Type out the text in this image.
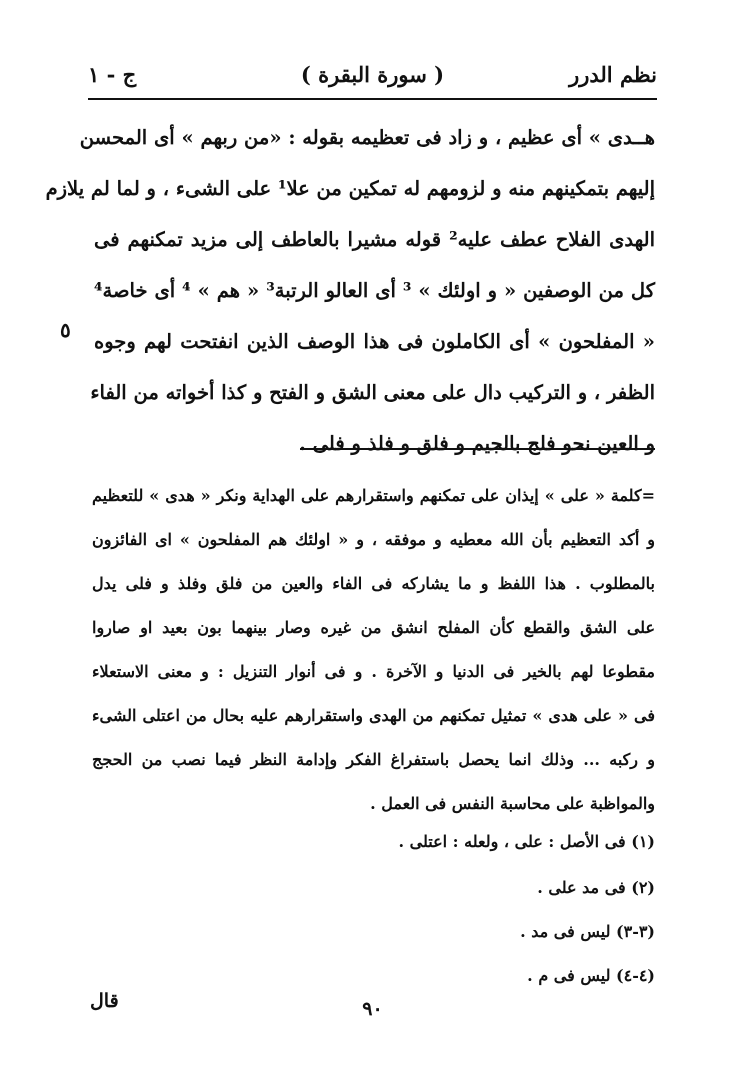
نظم الدرر
( سورة البقرة )
ج - ١
هــدى » أى عظيم ، و زاد فى تعظيمه بقوله : «من ربهم » أى المحسن
إليهم بتمكينهم منه و لزومهم له تمكين من علا¹ على الشىء ، و لما لم يلازم
الهدى الفلاح عطف عليه² قوله مشيرا بالعاطف إلى مزيد تمكنهم فى
كل من الوصفين « و اولئك » ³ أى العالو الرتبة³ « هم » ⁴ أى خاصة⁴
« المفلحون » أى الكاملون فى هذا الوصف الذين انفتحت لهم وجوه
الظفر ، و التركيب دال على معنى الشق و الفتح و كذا أخواته من الفاء
و العين نحو فلج بالجيم و فلق و فلذ و فلى .
٥
=كلمة « على » إيذان على تمكنهم واستقرارهم على الهداية ونكر « هدى » للتعظيم
و أكد التعظيم بأن الله معطيه و موفقه ، و « اولئك هم المفلحون » اى الفائزون
بالمطلوب . هذا اللفظ و ما يشاركه فى الفاء والعين من فلق وفلذ و فلى يدل
على الشق والقطع كأن المفلح انشق من غيره وصار بينهما بون بعيد او صاروا
مقطوعا لهم بالخير فى الدنيا و الآخرة . و فى أنوار التنزيل : و معنى الاستعلاء
فى « على هدى » تمثيل تمكنهم من الهدى واستقرارهم عليه بحال من اعتلى الشىء
و ركبه ... وذلك انما يحصل باستفراغ الفكر وإدامة النظر فيما نصب من الحجج
والمواظبة على محاسبة النفس فى العمل .
(١) فى الأصل : على ، ولعله : اعتلى .
(٢) فى مد على .
(٣-٣) ليس فى مد .
(٤-٤) ليس فى م .
٩٠
قال
